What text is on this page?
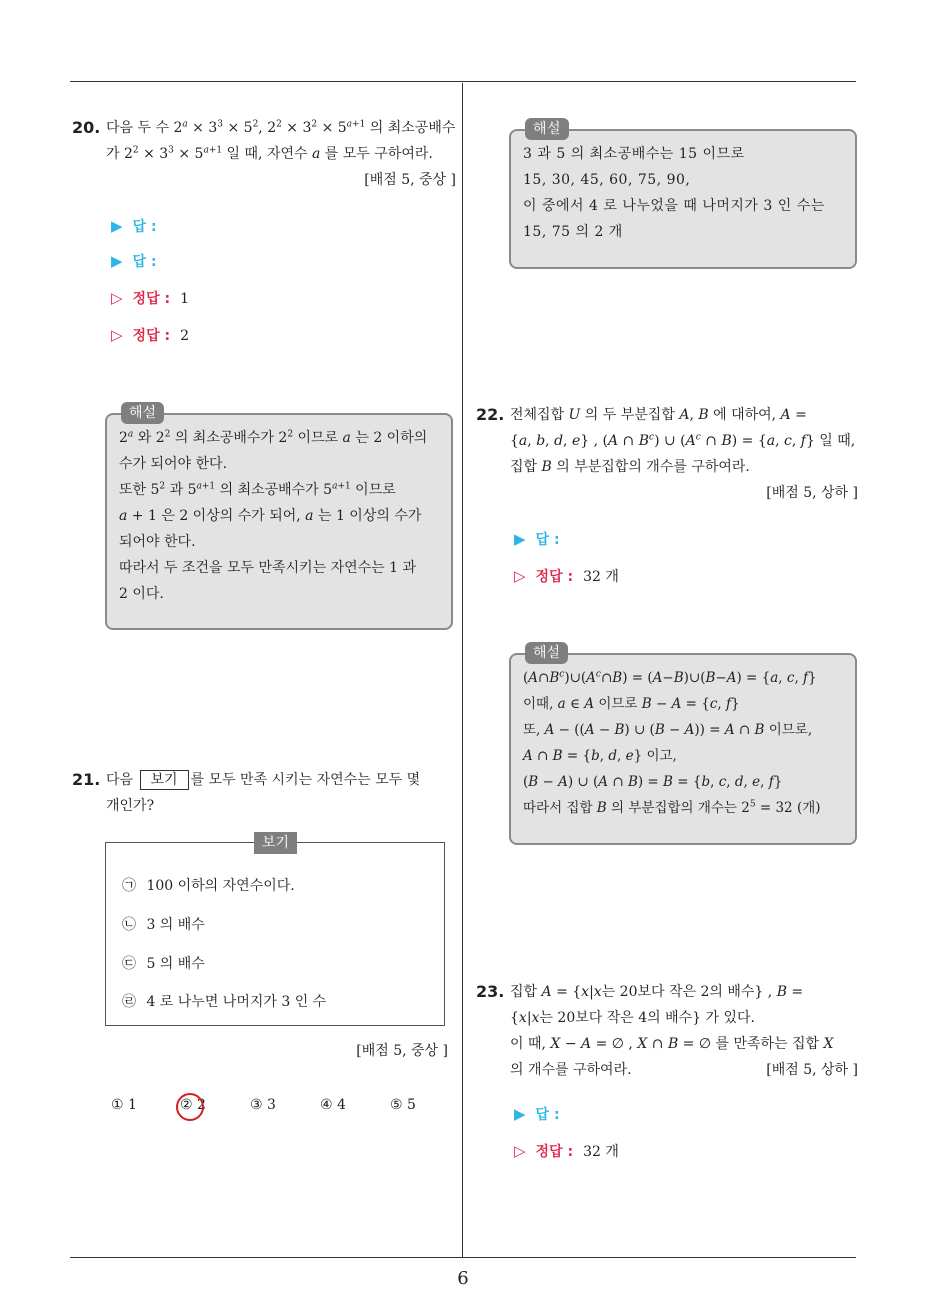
6
20. 다음 두 수 $2^a \times 3^3 \times 5^2$, $2^2 \times 3^2 \times 5^{a+1}$ 의 최소공배수
가 $2^2 \times 3^3 \times 5^{a+1}$ 일 때, 자연수 a 를 모두 구하여라.
[배점 5, 중상 ]
▶ 답 :
▶ 답 :
▷ 정답 : 1
▷ 정답 : 2
해설
2$^a$ 와 $2^2$ 의 최소공배수가 $2^2$ 이므로 a 는 2 이하의
수가 되어야 한다.
또한 $5^2$ 과 $5^{a+1}$ 의 최소공배수가 $5^{a+1}$ 이므로
a + 1 은 2 이상의 수가 되어, a 는 1 이상의 수가
되어야 한다.
따라서 두 조건을 모두 만족시키는 자연수는 1 과
2 이다.
21. 다음 보기 를 모두 만족 시키는 자연수는 모두 몇
개인가?
보기
㉠ 100 이하의 자연수이다.
㉡ 3 의 배수
㉢ 5 의 배수
㉣ 4 로 나누면 나머지가 3 인 수
[배점 5, 중상 ]
① 1	② 2	③ 3	④ 4	⑤ 5
해설
3 과 5 의 최소공배수는 15 이므로
15, 30, 45, 60, 75, 90,
이 중에서 4 로 나누었을 때 나머지가 3 인 수는
15, 75 의 2 개
22. 전체집합 U 의 두 부분집합 A, B 에 대하여, A =
{a, b, d, e} , (A ∩ $B^c$) ∪ ($A^c$ ∩ B) = {a, c, f} 일 때,
집합 B 의 부분집합의 개수를 구하여라.
[배점 5, 상하 ]
▶ 답 :
▷ 정답 : 32 개
해설
$(A\cap B^c)\cup(A^c\cap B)$ = (A−B)∪(B−A) = {a, c, f}
이때, a ∈ A 이므로 B − A = {c, f}
또, A − ((A − B) ∪ (B − A)) = A ∩ B 이므로,
A ∩ B = {b, d, e} 이고,
(B − A) ∪ (A ∩ B) = B = {b, c, d, e, f}
따라서 집합 B 의 부분집합의 개수는 $2^5 = 32$ (개)
23. 집합 A = {x|x는 20보다 작은 2의 배수} , B =
{x|x는 20보다 작은 4의 배수} 가 있다.
이 때, X − A = ∅ , X ∩ B = ∅ 를 만족하는 집합 X
의 개수를 구하여라.	[배점 5, 상하 ]
▶ 답 :
▷ 정답 : 32 개
